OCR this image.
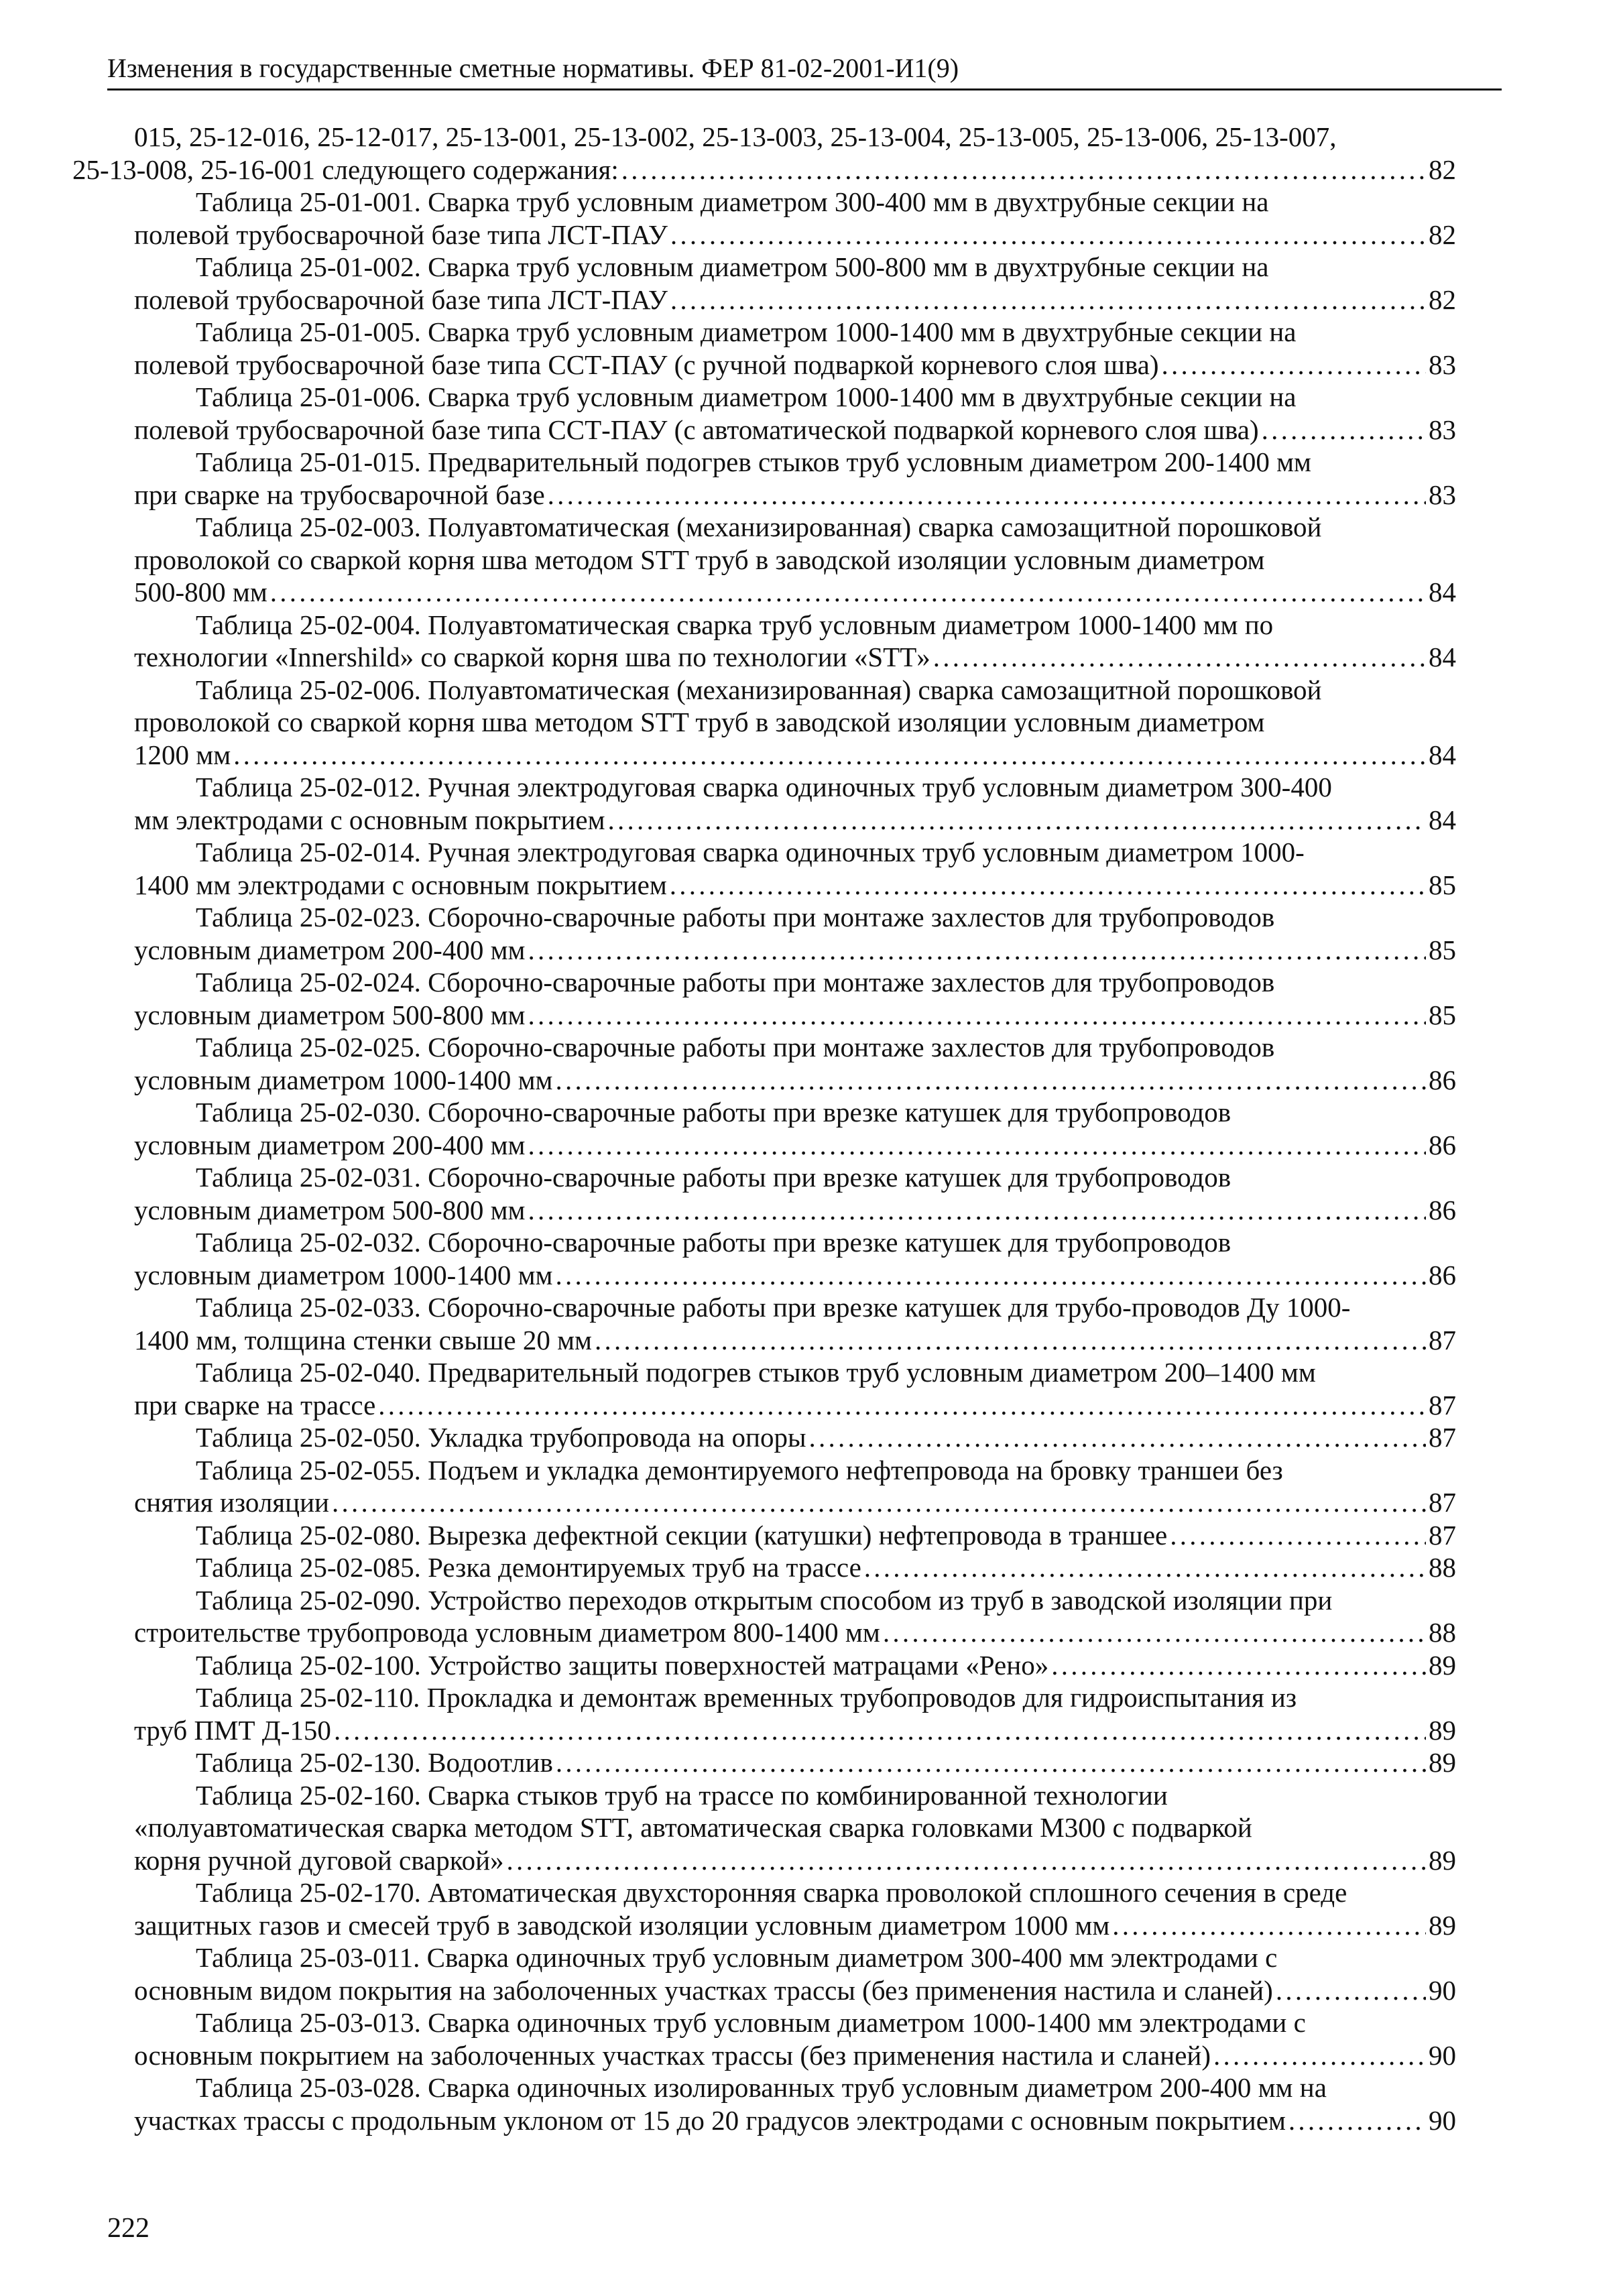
Изменения в государственные сметные нормативы. ФЕР 81-02-2001-И1(9)
015, 25-12-016, 25-12-017, 25-13-001, 25-13-002, 25-13-003, 25-13-004, 25-13-005, 25-13-006, 25-13-007,
25-13-008, 25-16-001 следующего содержания: . . .	82
Таблица 25-01-001. Сварка труб условным диаметром 300-400 мм в двухтрубные секции на
полевой трубосварочной базе типа ЛСТ-ПАУ . . .	82
Таблица 25-01-002. Сварка труб условным диаметром 500-800 мм в двухтрубные секции на
полевой трубосварочной базе типа ЛСТ-ПАУ . . .	82
Таблица 25-01-005. Сварка труб условным диаметром 1000-1400 мм в двухтрубные секции на
полевой трубосварочной базе типа ССТ-ПАУ (с ручной подваркой корневого слоя шва) . . .	83
Таблица 25-01-006. Сварка труб условным диаметром 1000-1400 мм в двухтрубные секции на
полевой трубосварочной базе типа ССТ-ПАУ (с автоматической подваркой корневого слоя шва) . . .	83
Таблица 25-01-015. Предварительный подогрев стыков труб условным диаметром 200-1400 мм
при сварке на трубосварочной базе . . .	83
Таблица 25-02-003. Полуавтоматическая (механизированная) сварка самозащитной порошковой
проволокой со сваркой корня шва методом STT труб в заводской изоляции условным диаметром
500-800 мм . . .	84
Таблица 25-02-004. Полуавтоматическая сварка труб условным диаметром 1000-1400 мм по
технологии «Innershild» со сваркой корня шва по технологии «STT» . . .	84
Таблица 25-02-006. Полуавтоматическая (механизированная) сварка самозащитной порошковой
проволокой со сваркой корня шва методом STT труб в заводской изоляции условным диаметром
1200 мм . . .	84
Таблица 25-02-012. Ручная электродуговая сварка одиночных труб условным диаметром 300-400
мм электродами с основным покрытием . . .	84
Таблица 25-02-014. Ручная электродуговая сварка одиночных труб условным диаметром 1000-
1400 мм электродами с основным покрытием . . .	85
Таблица 25-02-023. Сборочно-сварочные работы при монтаже захлестов для трубопроводов
условным диаметром 200-400 мм . . .	85
Таблица 25-02-024. Сборочно-сварочные работы при монтаже захлестов для трубопроводов
условным диаметром 500-800 мм . . .	85
Таблица 25-02-025. Сборочно-сварочные работы при монтаже захлестов для трубопроводов
условным диаметром 1000-1400 мм . . .	86
Таблица 25-02-030. Сборочно-сварочные работы при врезке катушек для трубопроводов
условным диаметром 200-400 мм . . .	86
Таблица 25-02-031. Сборочно-сварочные работы при врезке катушек для трубопроводов
условным диаметром 500-800 мм . . .	86
Таблица 25-02-032. Сборочно-сварочные работы при врезке катушек для трубопроводов
условным диаметром 1000-1400 мм . . .	86
Таблица 25-02-033. Сборочно-сварочные работы при врезке катушек для трубо-проводов Ду 1000-
1400 мм, толщина стенки свыше 20 мм . . .	87
Таблица 25-02-040. Предварительный подогрев стыков труб условным диаметром 200–1400 мм
при сварке на трассе . . .	87
Таблица 25-02-050. Укладка трубопровода на опоры . . .	87
Таблица 25-02-055. Подъем и укладка демонтируемого нефтепровода на бровку траншеи без
снятия изоляции . . .	87
Таблица 25-02-080. Вырезка дефектной секции (катушки) нефтепровода в траншее . . .	87
Таблица 25-02-085. Резка демонтируемых труб на трассе . . .	88
Таблица 25-02-090. Устройство переходов открытым способом из труб в заводской изоляции при
строительстве трубопровода условным диаметром 800-1400 мм . . .	88
Таблица 25-02-100. Устройство защиты поверхностей матрацами «Рено» . . .	89
Таблица 25-02-110. Прокладка и демонтаж временных трубопроводов для гидроиспытания из
труб ПМТ Д-150 . . .	89
Таблица 25-02-130. Водоотлив . . .	89
Таблица 25-02-160. Сварка стыков труб на трассе по комбинированной технологии
«полуавтоматическая сварка методом STT, автоматическая сварка головками М300 с подваркой
корня ручной дуговой сваркой» . . .	89
Таблица 25-02-170. Автоматическая двухсторонняя сварка проволокой сплошного сечения в среде
защитных газов и смесей труб в заводской изоляции условным диаметром 1000 мм . . .	89
Таблица 25-03-011. Сварка одиночных труб условным диаметром 300-400 мм электродами с
основным видом покрытия на заболоченных участках трассы (без применения настила и сланей) . . .	90
Таблица 25-03-013. Сварка одиночных труб условным диаметром 1000-1400 мм электродами с
основным покрытием на заболоченных участках трассы (без применения настила и сланей) . . .	90
Таблица 25-03-028. Сварка одиночных изолированных труб условным диаметром 200-400 мм на
участках трассы с продольным уклоном от 15 до 20 градусов электродами с основным покрытием . . .	90
222
